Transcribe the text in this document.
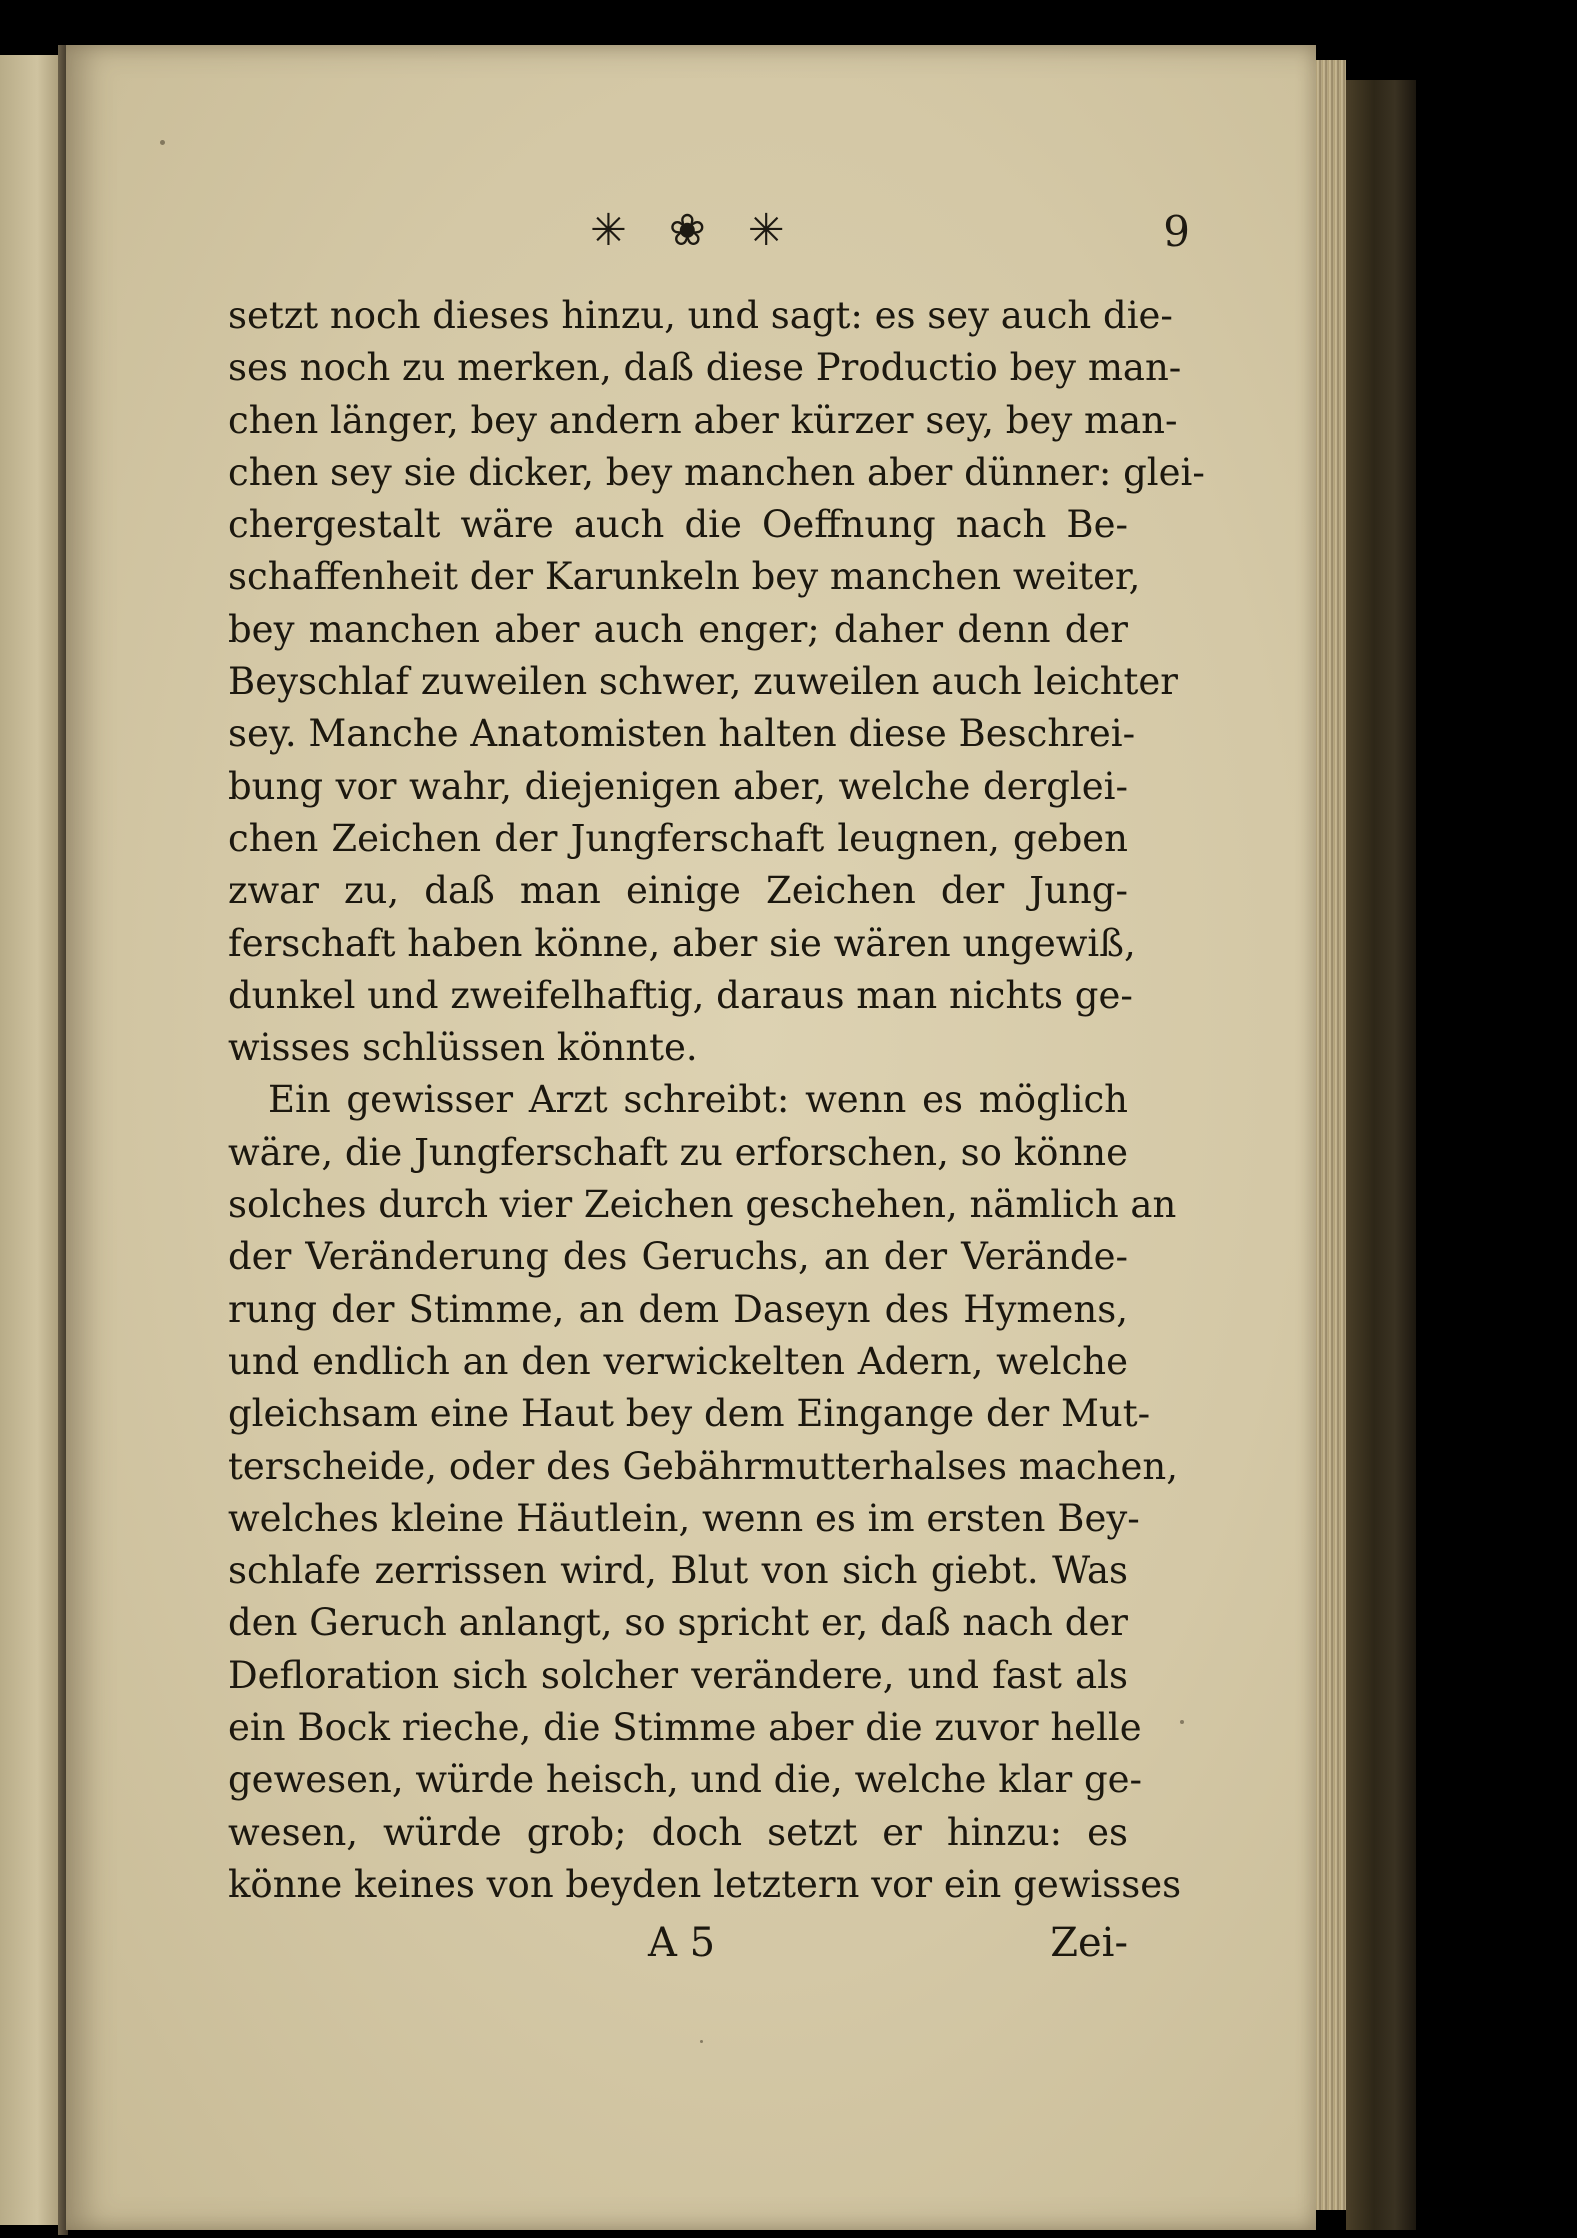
✳ ❀ ✳	9
setzt noch dieses hinzu, und sagt: es sey auch die-
ses noch zu merken, daß diese Productio bey man-
chen länger, bey andern aber kürzer sey, bey man-
chen sey sie dicker, bey manchen aber dünner: glei-
chergestalt wäre auch die Oeffnung nach Be-
schaffenheit der Karunkeln bey manchen weiter,
bey manchen aber auch enger; daher denn der
Beyschlaf zuweilen schwer, zuweilen auch leichter
sey. Manche Anatomisten halten diese Beschrei-
bung vor wahr, diejenigen aber, welche derglei-
chen Zeichen der Jungferschaft leugnen, geben
zwar zu, daß man einige Zeichen der Jung-
ferschaft haben könne, aber sie wären ungewiß,
dunkel und zweifelhaftig, daraus man nichts ge-
wisses schlüssen könnte.
Ein gewisser Arzt schreibt: wenn es möglich
wäre, die Jungferschaft zu erforschen, so könne
solches durch vier Zeichen geschehen, nämlich an
der Veränderung des Geruchs, an der Verände-
rung der Stimme, an dem Daseyn des Hymens,
und endlich an den verwickelten Adern, welche
gleichsam eine Haut bey dem Eingange der Mut-
terscheide, oder des Gebährmutterhalses machen,
welches kleine Häutlein, wenn es im ersten Bey-
schlafe zerrissen wird, Blut von sich giebt. Was
den Geruch anlangt, so spricht er, daß nach der
Defloration sich solcher verändere, und fast als
ein Bock rieche, die Stimme aber die zuvor helle
gewesen, würde heisch, und die, welche klar ge-
wesen, würde grob; doch setzt er hinzu: es
könne keines von beyden letztern vor ein gewisses
A 5	Zei-
